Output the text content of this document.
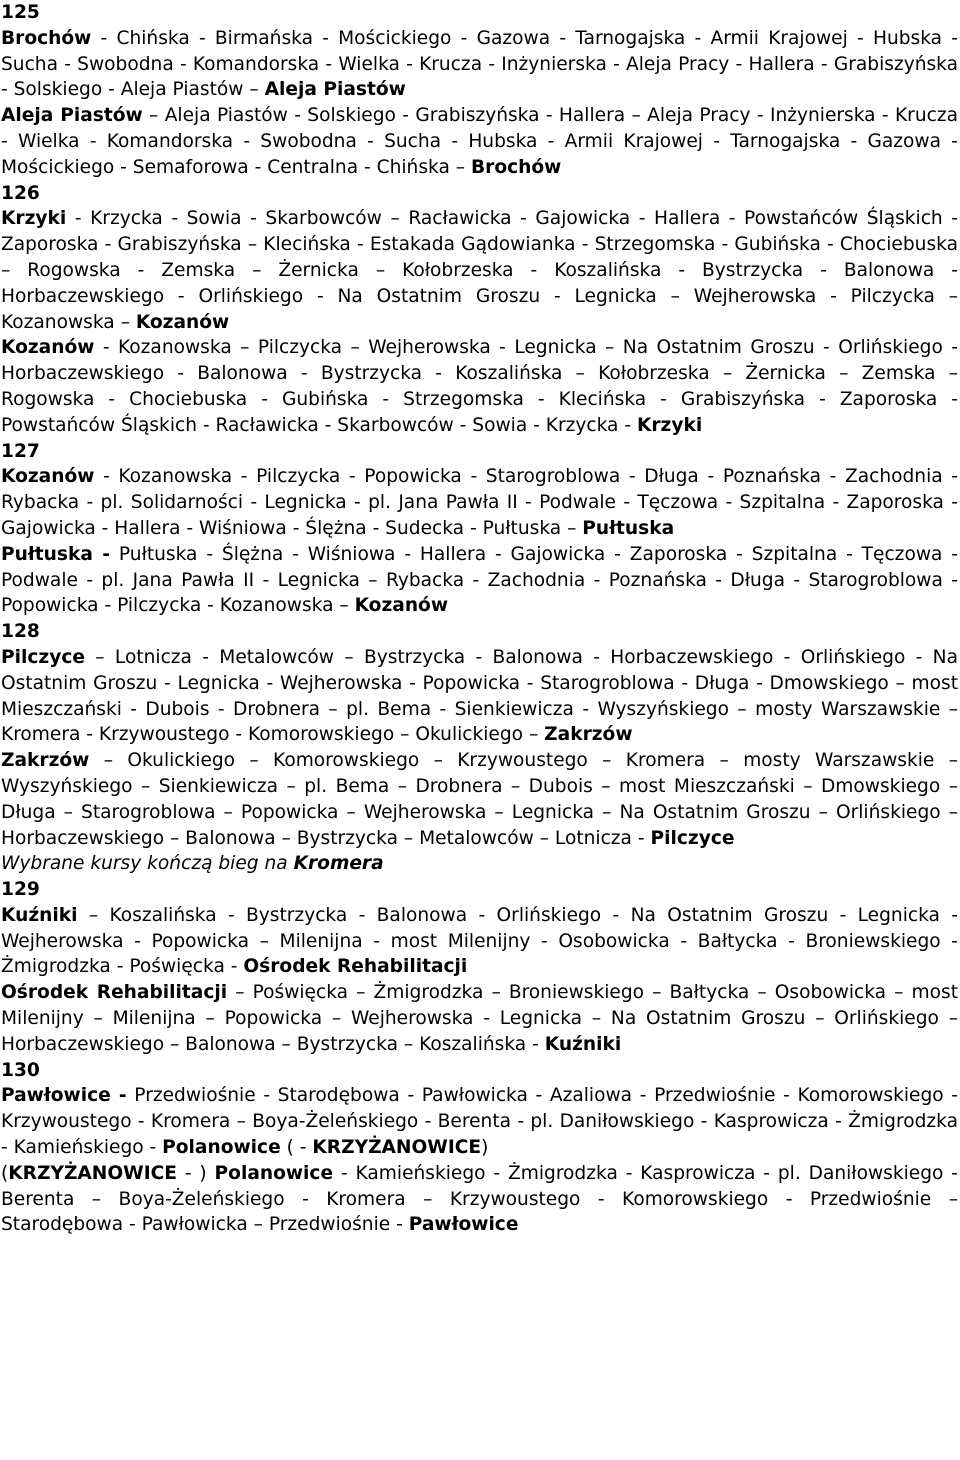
125

Brochów - Chińska - Birmańska - Mościckiego - Gazowa - Tarnogajska - Armii Krajowej - Hubska - Sucha - Swobodna - Komandorska - Wielka - Krucza - Inżynierska - Aleja Pracy - Hallera - Grabiszyńska - Solskiego - Aleja Piastów – Aleja Piastów

Aleja Piastów – Aleja Piastów - Solskiego - Grabiszyńska - Hallera – Aleja Pracy - Inżynierska - Krucza - Wielka - Komandorska - Swobodna - Sucha - Hubska - Armii Krajowej - Tarnogajska - Gazowa - Mościckiego - Semaforowa - Centralna - Chińska – Brochów

126

Krzyki - Krzycka - Sowia - Skarbowców – Racławicka - Gajowicka - Hallera - Powstańców Śląskich - Zaporoska - Grabiszyńska – Klecińska - Estakada Gądowianka - Strzegomska - Gubińska - Chociebuska – Rogowska - Zemska – Żernicka – Kołobrzeska - Koszalińska - Bystrzycka - Balonowa - Horbaczewskiego - Orlińskiego - Na Ostatnim Groszu - Legnicka – Wejherowska - Pilczycka – Kozanowska – Kozanów

Kozanów - Kozanowska – Pilczycka – Wejherowska - Legnicka – Na Ostatnim Groszu - Orlińskiego - Horbaczewskiego - Balonowa - Bystrzycka - Koszalińska – Kołobrzeska – Żernicka – Zemska – Rogowska - Chociebuska - Gubińska - Strzegomska - Klecińska - Grabiszyńska - Zaporoska - Powstańców Śląskich - Racławicka - Skarbowców - Sowia - Krzycka - Krzyki

127

Kozanów - Kozanowska - Pilczycka - Popowicka - Starogroblowa - Długa - Poznańska - Zachodnia - Rybacka - pl. Solidarności - Legnicka - pl. Jana Pawła II - Podwale - Tęczowa - Szpitalna - Zaporoska - Gajowicka - Hallera - Wiśniowa - Ślężna - Sudecka - Pułtuska – Pułtuska

Pułtuska - Pułtuska - Ślężna - Wiśniowa - Hallera - Gajowicka - Zaporoska - Szpitalna - Tęczowa - Podwale - pl. Jana Pawła II - Legnicka – Rybacka - Zachodnia - Poznańska - Długa - Starogroblowa - Popowicka - Pilczycka - Kozanowska – Kozanów

128

Pilczyce – Lotnicza - Metalowców – Bystrzycka - Balonowa - Horbaczewskiego - Orlińskiego - Na Ostatnim Groszu - Legnicka - Wejherowska - Popowicka - Starogroblowa - Długa - Dmowskiego – most Mieszczański - Dubois - Drobnera – pl. Bema - Sienkiewicza - Wyszyńskiego – mosty Warszawskie – Kromera - Krzywoustego - Komorowskiego – Okulickiego – Zakrzów

Zakrzów – Okulickiego – Komorowskiego – Krzywoustego – Kromera – mosty Warszawskie – Wyszyńskiego – Sienkiewicza – pl. Bema – Drobnera – Dubois – most Mieszczański – Dmowskiego – Długa – Starogroblowa – Popowicka – Wejherowska – Legnicka – Na Ostatnim Groszu – Orlińskiego – Horbaczewskiego – Balonowa – Bystrzycka – Metalowców – Lotnicza - Pilczyce

Wybrane kursy kończą bieg na Kromera

129

Kuźniki – Koszalińska - Bystrzycka - Balonowa - Orlińskiego - Na Ostatnim Groszu - Legnicka - Wejherowska - Popowicka – Milenijna - most Milenijny - Osobowicka - Bałtycka - Broniewskiego - Żmigrodzka - Poświęcka - Ośrodek Rehabilitacji

Ośrodek Rehabilitacji – Poświęcka – Żmigrodzka – Broniewskiego – Bałtycka – Osobowicka – most Milenijny – Milenijna – Popowicka – Wejherowska - Legnicka – Na Ostatnim Groszu – Orlińskiego – Horbaczewskiego – Balonowa – Bystrzycka – Koszalińska - Kuźniki

130

Pawłowice - Przedwiośnie - Starodębowa - Pawłowicka - Azaliowa - Przedwiośnie - Komorowskiego - Krzywoustego - Kromera – Boya-Żeleńskiego - Berenta - pl. Daniłowskiego - Kasprowicza - Żmigrodzka - Kamieńskiego - Polanowice ( - KRZYŻANOWICE)

(KRZYŻANOWICE - ) Polanowice - Kamieńskiego - Żmigrodzka - Kasprowicza - pl. Daniłowskiego - Berenta – Boya-Żeleńskiego - Kromera – Krzywoustego - Komorowskiego - Przedwiośnie – Starodębowa - Pawłowicka – Przedwiośnie - Pawłowice
